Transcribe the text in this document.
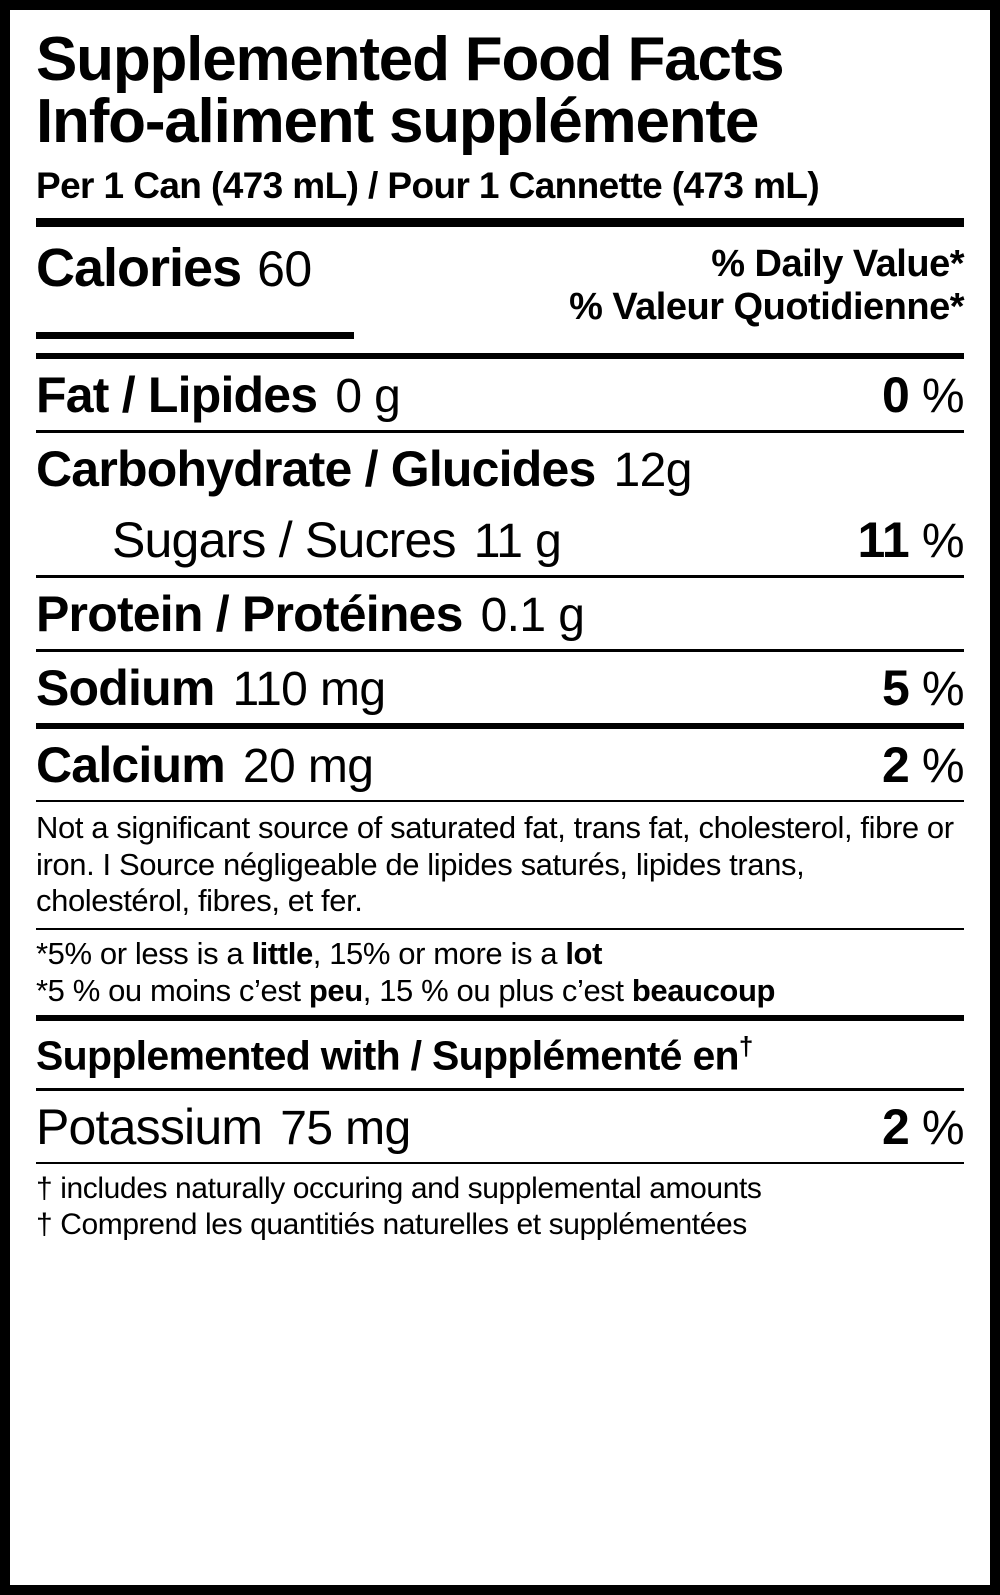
Supplemented Food Facts
Info-aliment supplémente
Per 1 Can (473 mL) / Pour 1 Cannette (473 mL)
Calories 60	% Daily Value*
% Valeur Quotidienne*
Fat / Lipides 0 g	0 %
Carbohydrate / Glucides 12g
Sugars / Sucres 11 g	11 %
Protein / Protéines 0.1 g
Sodium 110 mg	5 %
Calcium 20 mg	2 %
Not a significant source of saturated fat, trans fat, cholesterol, fibre or iron. I Source négligeable de lipides saturés, lipides trans, cholestérol, fibres, et fer.
*5% or less is a little, 15% or more is a lot
*5 % ou moins c’est peu, 15 % ou plus c’est beaucoup
Supplemented with / Supplémenté en†
Potassium 75 mg	2 %
† includes naturally occuring and supplemental amounts
† Comprend les quantitiés naturelles et supplémentées
